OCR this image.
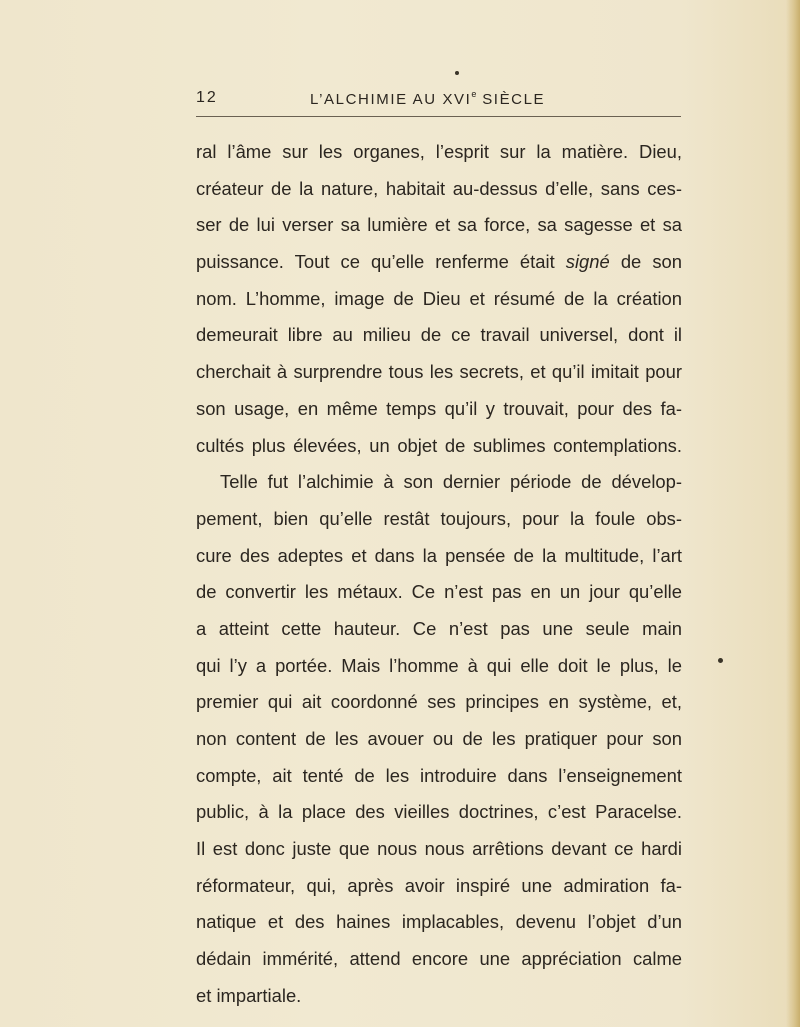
12	L’ALCHIMIE AU XVIe SIÈCLE
ral l’âme sur les organes, l’esprit sur la matière. Dieu,
créateur de la nature, habitait au-dessus d’elle, sans ces-
ser de lui verser sa lumière et sa force, sa sagesse et sa
puissance. Tout ce qu’elle renferme était signé de son
nom. L’homme, image de Dieu et résumé de la création
demeurait libre au milieu de ce travail universel, dont il
cherchait à surprendre tous les secrets, et qu’il imitait pour
son usage, en même temps qu’il y trouvait, pour des fa-
cultés plus élevées, un objet de sublimes contemplations.
Telle fut l’alchimie à son dernier période de dévelop-
pement, bien qu’elle restât toujours, pour la foule obs-
cure des adeptes et dans la pensée de la multitude, l’art
de convertir les métaux. Ce n’est pas en un jour qu’elle
a atteint cette hauteur. Ce n’est pas une seule main
qui l’y a portée. Mais l’homme à qui elle doit le plus, le
premier qui ait coordonné ses principes en système, et,
non content de les avouer ou de les pratiquer pour son
compte, ait tenté de les introduire dans l’enseignement
public, à la place des vieilles doctrines, c’est Paracelse.
Il est donc juste que nous nous arrêtions devant ce hardi
réformateur, qui, après avoir inspiré une admiration fa-
natique et des haines implacables, devenu l’objet d’un
dédain immérité, attend encore une appréciation calme
et impartiale.
